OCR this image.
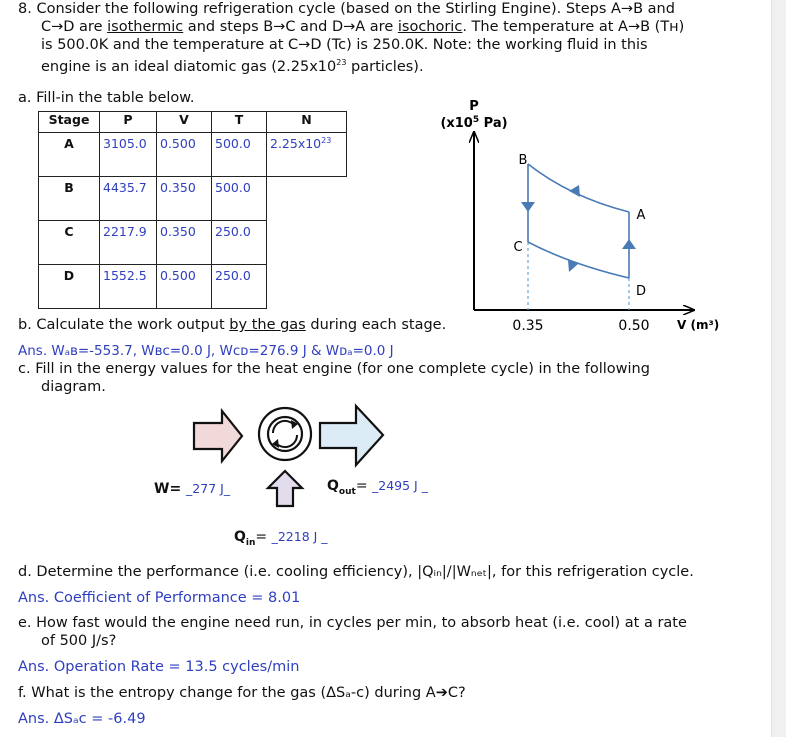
8. Consider the following refrigeration cycle (based on the Stirling Engine). Steps A→B and
C→D are isothermic and steps B→C and D→A are isochoric. The temperature at A→B (Tʜ)
is 500.0K and the temperature at C→D (Tc) is 250.0K. Note: the working fluid in this
engine is an ideal diatomic gas ($2.25x10^{23}$ particles).
a. Fill-in the table below.
Stage	P	V	T	N
A	3105.0	0.500	500.0	$2.25x10^{23}$
B	4435.7	0.350	500.0	
C	2217.9	0.350	250.0	
D	1552.5	0.500	250.0	
P
($x10^5$ Pa)
B
C
A
D
0.35	0.50 V (m³)
b. Calculate the work output by the gas during each stage.
Ans. Wₐʙ=-553.7, Wʙᴄ=0.0 J, Wᴄᴅ=276.9 J & Wᴅₐ=0.0 J
c. Fill in the energy values for the heat engine (for one complete cycle) in the following
diagram.
W= _277 J_	$Q_{out}=$ _2495 J _
$Q_{in}=$ _2218 J _
d. Determine the performance (i.e. cooling efficiency), |Qᵢₙ|/|Wₙₑₜ|, for this refrigeration cycle.
Ans. Coefficient of Performance = 8.01
e. How fast would the engine need run, in cycles per min, to absorb heat (i.e. cool) at a rate
of 500 J/s?
Ans. Operation Rate = 13.5 cycles/min
f. What is the entropy change for the gas (ΔSₐ-ᴄ) during A➔C?
Ans. ΔSₐᴄ = -6.49
